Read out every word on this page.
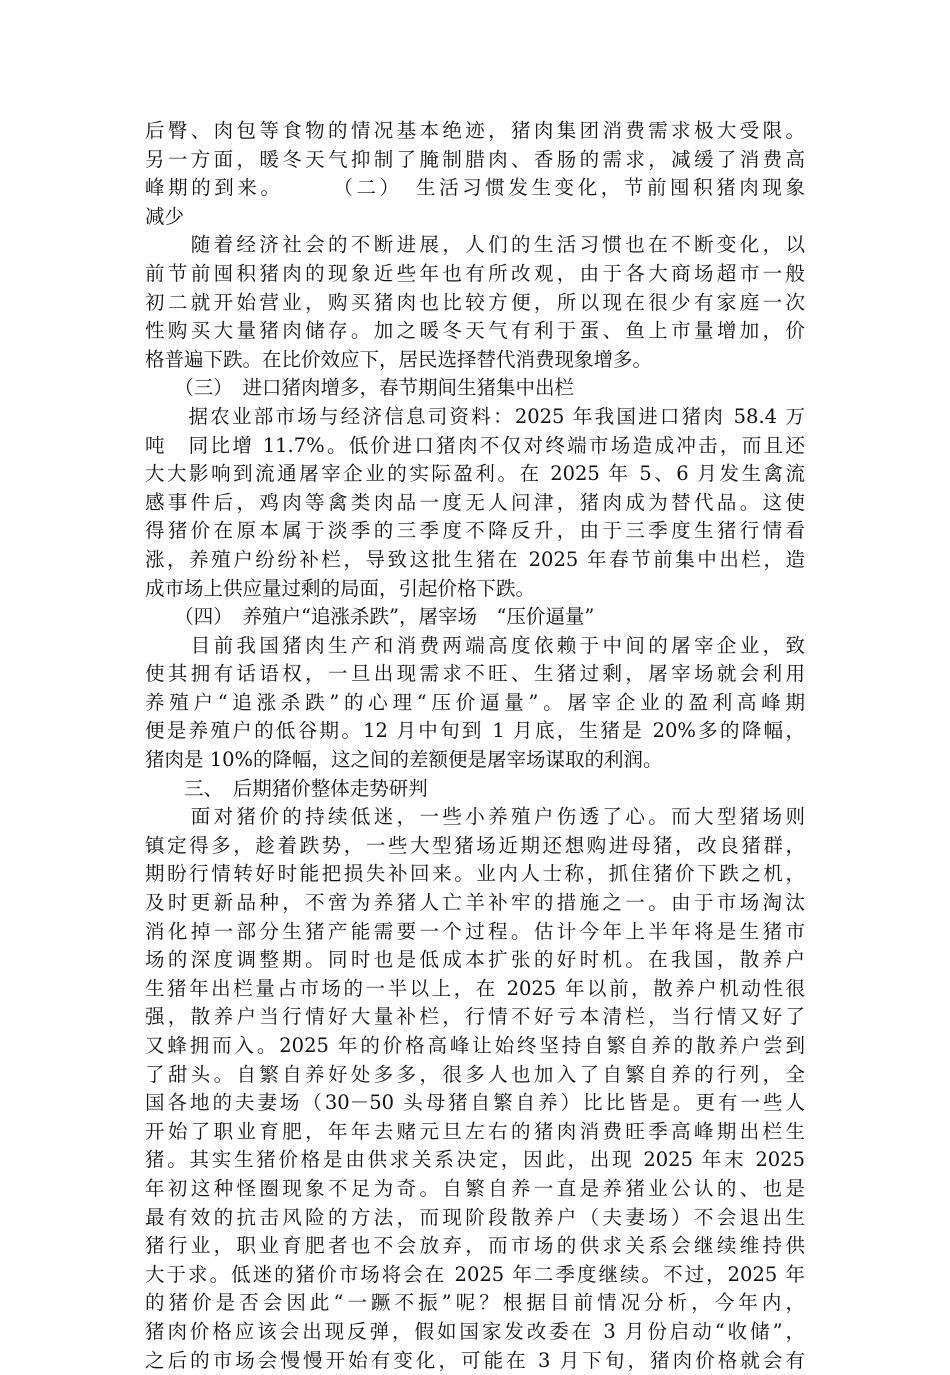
后臀、肉包等食物的情况基本绝迹，猪肉集团消费需求极大受限。
另一方面，暖冬天气抑制了腌制腊肉、香肠的需求，减缓了消费高
峰期的到来。　　　（二）　生活习惯发生变化，节前囤积猪肉现象
减少
　　随着经济社会的不断进展，人们的生活习惯也在不断变化，以
前节前囤积猪肉的现象近些年也有所改观，由于各大商场超市一般
初二就开始营业，购买猪肉也比较方便，所以现在很少有家庭一次
性购买大量猪肉储存。加之暖冬天气有利于蛋、鱼上市量增加，价
格普遍下跌。在比价效应下，居民选择替代消费现象增多。
　　（三）　进口猪肉增多，春节期间生猪集中出栏
　　据农业部市场与经济信息司资料：2025 年我国进口猪肉 58.4 万
吨　同比增 11.7%。低价进口猪肉不仅对终端市场造成冲击，而且还
大大影响到流通屠宰企业的实际盈利。在 2025 年 5、6 月发生禽流
感事件后，鸡肉等禽类肉品一度无人问津，猪肉成为替代品。这使
得猪价在原本属于淡季的三季度不降反升，由于三季度生猪行情看
涨，养殖户纷纷补栏，导致这批生猪在 2025 年春节前集中出栏，造
成市场上供应量过剩的局面，引起价格下跌。
　　（四）　养殖户“追涨杀跌”，屠宰场　“压价逼量”
　　目前我国猪肉生产和消费两端高度依赖于中间的屠宰企业，致
使其拥有话语权，一旦出现需求不旺、生猪过剩，屠宰场就会利用
养殖户“追涨杀跌”的心理“压价逼量”。屠宰企业的盈利高峰期
便是养殖户的低谷期。12 月中旬到 1 月底，生猪是 20%多的降幅，
猪肉是 10%的降幅，这之间的差额便是屠宰场谋取的利润。
　　三、　后期猪价整体走势研判
　　面对猪价的持续低迷，一些小养殖户伤透了心。而大型猪场则
镇定得多，趁着跌势，一些大型猪场近期还想购进母猪，改良猪群，
期盼行情转好时能把损失补回来。业内人士称，抓住猪价下跌之机，
及时更新品种，不啻为养猪人亡羊补牢的措施之一。由于市场淘汰
消化掉一部分生猪产能需要一个过程。估计今年上半年将是生猪市
场的深度调整期。同时也是低成本扩张的好时机。在我国，散养户
生猪年出栏量占市场的一半以上，在 2025 年以前，散养户机动性很
强，散养户当行情好大量补栏，行情不好亏本清栏，当行情又好了
又蜂拥而入。2025 年的价格高峰让始终坚持自繁自养的散养户尝到
了甜头。自繁自养好处多多，很多人也加入了自繁自养的行列，全
国各地的夫妻场（30－50 头母猪自繁自养）比比皆是。更有一些人
开始了职业育肥，年年去赌元旦左右的猪肉消费旺季高峰期出栏生
猪。其实生猪价格是由供求关系决定，因此，出现 2025 年末 2025
年初这种怪圈现象不足为奇。自繁自养一直是养猪业公认的、也是
最有效的抗击风险的方法，而现阶段散养户（夫妻场）不会退出生
猪行业，职业育肥者也不会放弃，而市场的供求关系会继续维持供
大于求。低迷的猪价市场将会在 2025 年二季度继续。不过，2025 年
的猪价是否会因此“一蹶不振”呢？根据目前情况分析，今年内，
猪肉价格应该会出现反弹，假如国家发改委在 3 月份启动“收储”，
之后的市场会慢慢开始有变化，可能在 3 月下旬，猪肉价格就会有
